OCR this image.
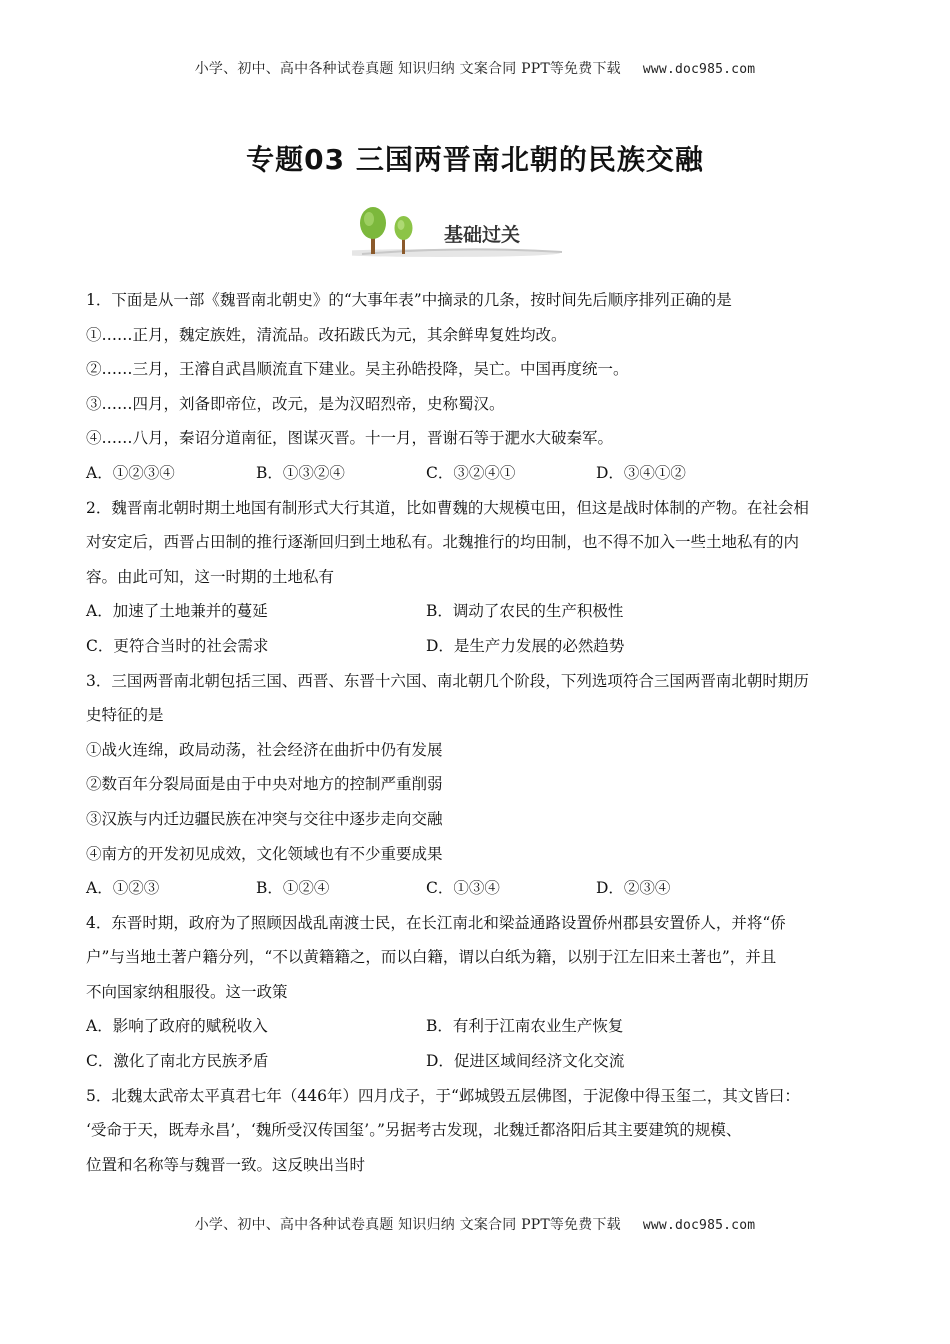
小学、初中、高中各种试卷真题 知识归纳 文案合同 PPT等免费下载 www.doc985.com
专题03 三国两晋南北朝的民族交融
基础过关
1．下面是从一部《魏晋南北朝史》的“大事年表”中摘录的几条，按时间先后顺序排列正确的是
①……正月，魏定族姓，清流品。改拓跋氏为元，其余鲜卑复姓均改。
②……三月，王濬自武昌顺流直下建业。吴主孙皓投降，吴亡。中国再度统一。
③……四月，刘备即帝位，改元，是为汉昭烈帝，史称蜀汉。
④……八月，秦诏分道南征，图谋灭晋。十一月，晋谢石等于淝水大破秦军。
A．①②③④	B．①③②④	C．③②④①	D．③④①②
2．魏晋南北朝时期土地国有制形式大行其道，比如曹魏的大规模屯田，但这是战时体制的产物。在社会相
对安定后，西晋占田制的推行逐渐回归到土地私有。北魏推行的均田制，也不得不加入一些土地私有的内
容。由此可知，这一时期的土地私有
A．加速了土地兼并的蔓延	B．调动了农民的生产积极性
C．更符合当时的社会需求	D．是生产力发展的必然趋势
3．三国两晋南北朝包括三国、西晋、东晋十六国、南北朝几个阶段，下列选项符合三国两晋南北朝时期历
史特征的是
①战火连绵，政局动荡，社会经济在曲折中仍有发展
②数百年分裂局面是由于中央对地方的控制严重削弱
③汉族与内迁边疆民族在冲突与交往中逐步走向交融
④南方的开发初见成效，文化领域也有不少重要成果
A．①②③	B．①②④	C．①③④	D．②③④
4．东晋时期，政府为了照顾因战乱南渡士民，在长江南北和梁益通路设置侨州郡县安置侨人，并将“侨
户”与当地土著户籍分列，“不以黄籍籍之，而以白籍，谓以白纸为籍，以别于江左旧来土著也”，并且
不向国家纳租服役。这一政策
A．影响了政府的赋税收入	B．有利于江南农业生产恢复
C．激化了南北方民族矛盾	D．促进区域间经济文化交流
5．北魏太武帝太平真君七年（446年）四月戊子，于“邺城毁五层佛图，于泥像中得玉玺二，其文皆曰：
‘受命于天，既寿永昌’，‘魏所受汉传国玺’。”另据考古发现，北魏迁都洛阳后其主要建筑的规模、
位置和名称等与魏晋一致。这反映出当时
小学、初中、高中各种试卷真题 知识归纳 文案合同 PPT等免费下载 www.doc985.com
